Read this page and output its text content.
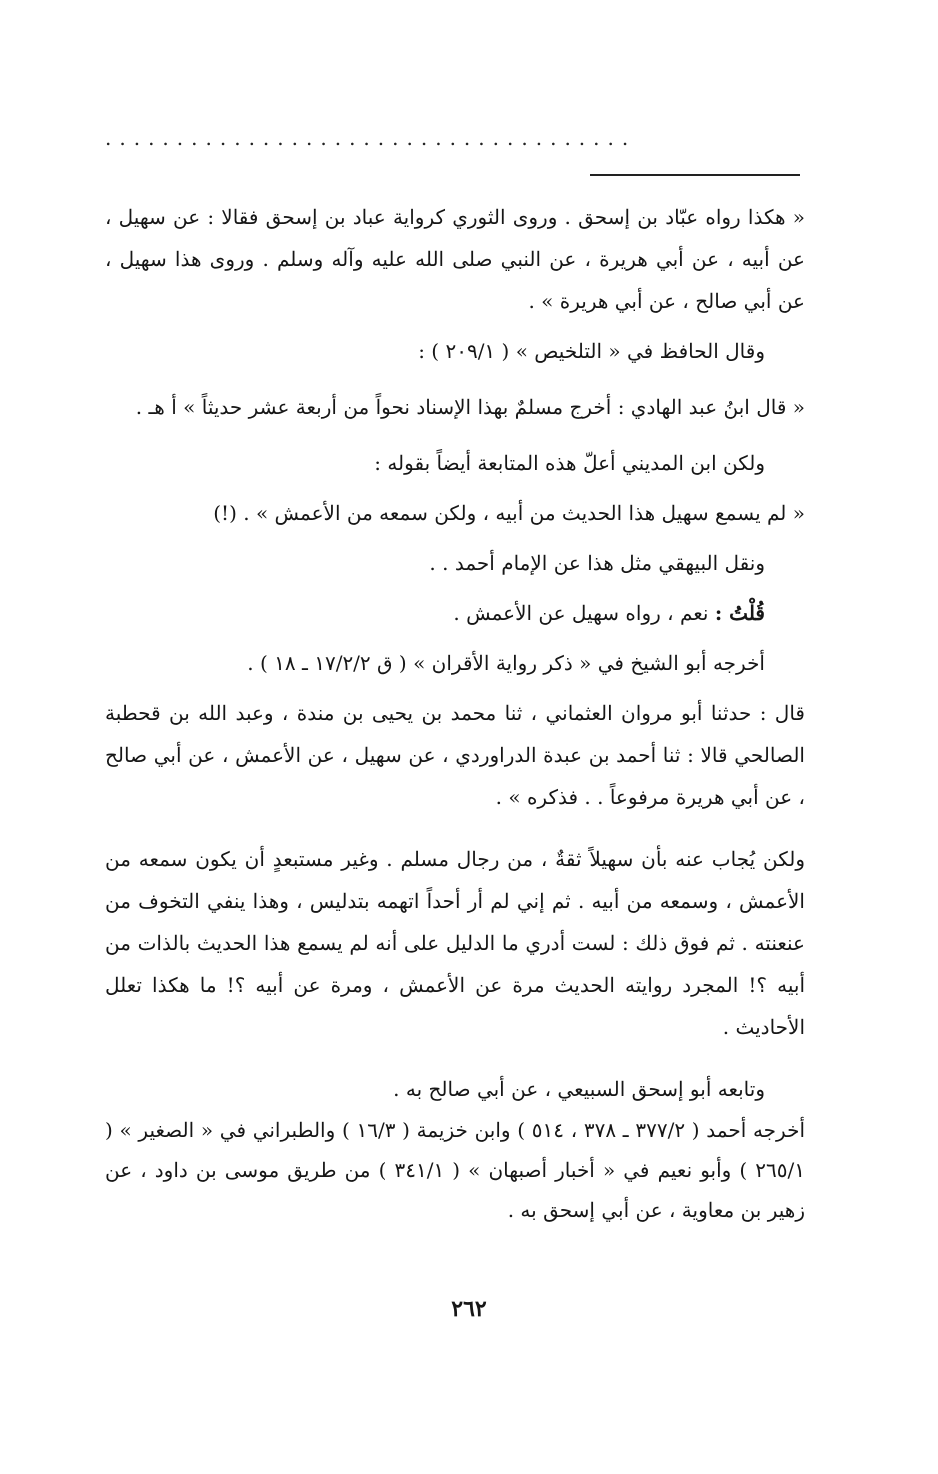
.....................................

« هكذا رواه عبّاد بن إسحق . وروى الثوري كرواية عباد بن إسحق فقالا : عن سهيل ، عن أبيه ، عن أبي هريرة ، عن النبي صلى الله عليه وآله وسلم . وروى هذا سهيل ، عن أبي صالح ، عن أبي هريرة » .

وقال الحافظ في « التلخيص » ( ٢٠٩/١ ) :

« قال ابنُ عبد الهادي : أخرج مسلمٌ بهذا الإسناد نحواً من أربعة عشر حديثاً » أ هـ .

ولكن ابن المديني أعلّ هذه المتابعة أيضاً بقوله :

« لم يسمع سهيل هذا الحديث من أبيه ، ولكن سمعه من الأعمش » . (!)

ونقل البيهقي مثل هذا عن الإمام أحمد . .

قُلْتُ : نعم ، رواه سهيل عن الأعمش .

أخرجه أبو الشيخ في « ذكر رواية الأقران » ( ق ١٧/٢/٢ ـ ١٨ ) .

قال : حدثنا أبو مروان العثماني ، ثنا محمد بن يحيى بن مندة ، وعبد الله بن قحطبة الصالحي قالا : ثنا أحمد بن عبدة الدراوردي ، عن سهيل ، عن الأعمش ، عن أبي صالح ، عن أبي هريرة مرفوعاً . . فذكره » .

ولكن يُجاب عنه بأن سهيلاً ثقةٌ ، من رجال مسلم . وغير مستبعدٍ أن يكون سمعه من الأعمش ، وسمعه من أبيه . ثم إني لم أر أحداً اتهمه بتدليس ، وهذا ينفي التخوف من عنعنته . ثم فوق ذلك : لست أدري ما الدليل على أنه لم يسمع هذا الحديث بالذات من أبيه ؟! المجرد روايته الحديث مرة عن الأعمش ، ومرة عن أبيه ؟! ما هكذا تعلل الأحاديث .

وتابعه أبو إسحق السبيعي ، عن أبي صالح به .

أخرجه أحمد ( ٣٧٧/٢ ـ ٣٧٨ ، ٥١٤ ) وابن خزيمة ( ١٦/٣ ) والطبراني في « الصغير » ( ٢٦٥/١ ) وأبو نعيم في « أخبار أصبهان » ( ٣٤١/١ ) من طريق موسى بن داود ، عن زهير بن معاوية ، عن أبي إسحق به .

٢٦٢
